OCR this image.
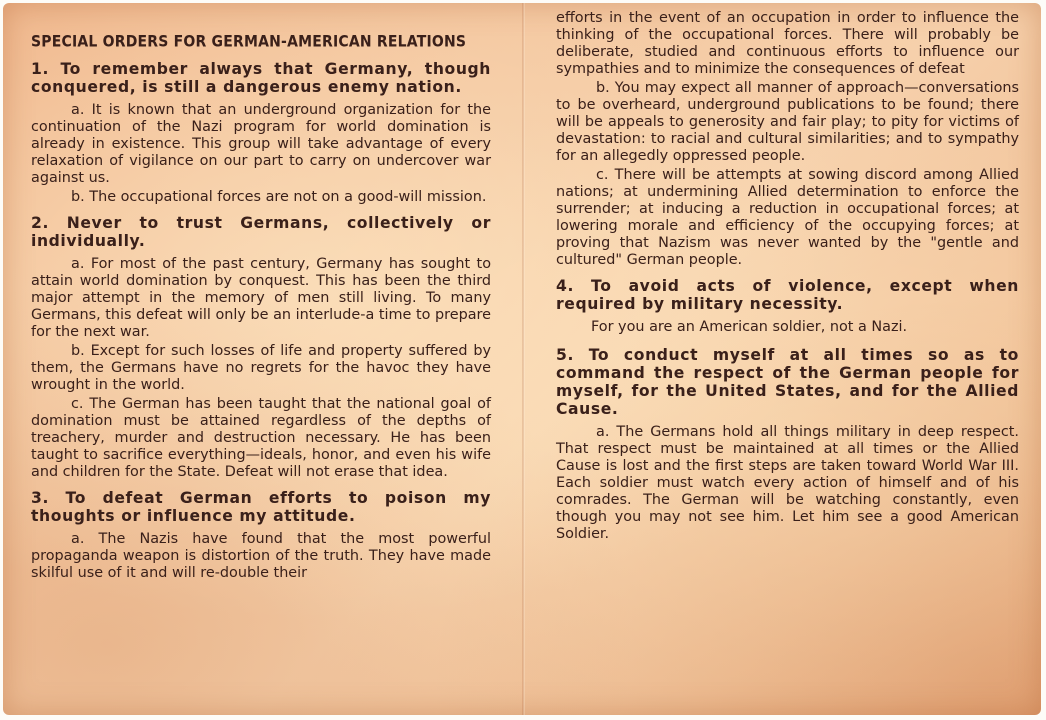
SPECIAL ORDERS FOR GERMAN-AMERICAN RELATIONS
1. To remember always that Germany, though conquered, is still a dangerous enemy nation.
a. It is known that an underground organization for the continuation of the Nazi program for world domination is already in existence. This group will take advantage of every relaxation of vigilance on our part to carry on undercover war against us.
b. The occupational forces are not on a good-will mission.
2. Never to trust Germans, collectively or individually.
a. For most of the past century, Germany has sought to attain world domination by conquest. This has been the third major attempt in the memory of men still living. To many Germans, this defeat will only be an interlude-a time to prepare for the next war.
b. Except for such losses of life and property suffered by them, the Germans have no regrets for the havoc they have wrought in the world.
c. The German has been taught that the national goal of domination must be attained regardless of the depths of treachery, murder and destruction necessary. He has been taught to sacrifice everything—ideals, honor, and even his wife and children for the State. Defeat will not erase that idea.
3. To defeat German efforts to poison my thoughts or influence my attitude.
a. The Nazis have found that the most powerful propaganda weapon is distortion of the truth. They have made skilful use of it and will re-double their
efforts in the event of an occupation in order to influence the thinking of the occupational forces. There will probably be deliberate, studied and continuous efforts to influence our sympathies and to minimize the consequences of defeat
b. You may expect all manner of approach—conversations to be overheard, underground publications to be found; there will be appeals to generosity and fair play; to pity for victims of devastation: to racial and cultural similarities; and to sympathy for an allegedly oppressed people.
c. There will be attempts at sowing discord among Allied nations; at undermining Allied determination to enforce the surrender; at inducing a reduction in occupational forces; at lowering morale and efficiency of the occupying forces; at proving that Nazism was never wanted by the "gentle and cultured" German people.
4. To avoid acts of violence, except when required by military necessity.
For you are an American soldier, not a Nazi.
5. To conduct myself at all times so as to command the respect of the German people for myself, for the United States, and for the Allied Cause.
a. The Germans hold all things military in deep respect. That respect must be maintained at all times or the Allied Cause is lost and the first steps are taken toward World War III. Each soldier must watch every action of himself and of his comrades. The German will be watching constantly, even though you may not see him. Let him see a good American Soldier.
